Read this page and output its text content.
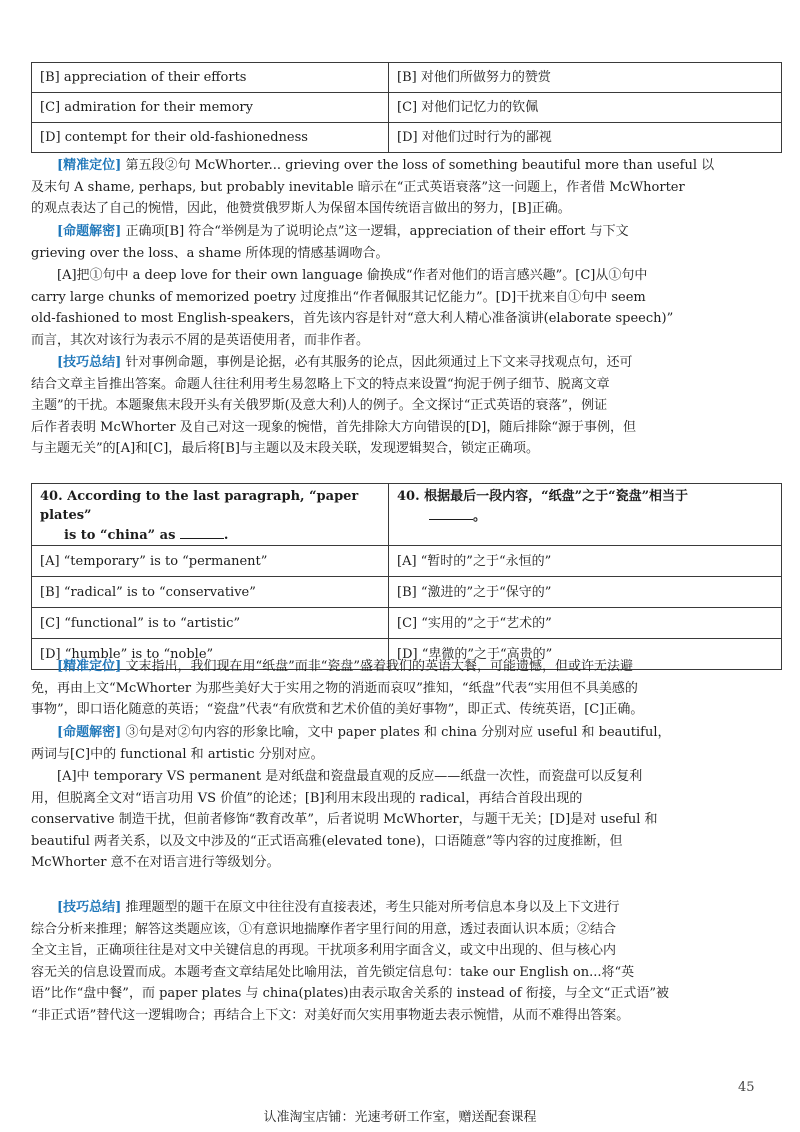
[B] appreciation of their efforts	[B] 对他们所做努力的赞赏
[C] admiration for their memory	[C] 对他们记忆力的钦佩
[D] contempt for their old-fashionedness	[D] 对他们过时行为的鄙视
[精准定位] 第五段②句 McWhorter... grieving over the loss of something beautiful more than useful 以
及末句 A shame, perhaps, but probably inevitable 暗示在“正式英语衰落”这一问题上，作者借 McWhorter
的观点表达了自己的惋惜，因此，他赞赏俄罗斯人为保留本国传统语言做出的努力，[B]正确。
[命题解密] 正确项[B] 符合“举例是为了说明论点”这一逻辑，appreciation of their effort 与下文
grieving over the loss、a shame 所体现的情感基调吻合。
[A]把①句中 a deep love for their own language 偷换成“作者对他们的语言感兴趣”。[C]从①句中
carry large chunks of memorized poetry 过度推出“作者佩服其记忆能力”。[D]干扰来自①句中 seem
old-fashioned to most English-speakers，首先该内容是针对“意大利人精心准备演讲(elaborate speech)”
而言，其次对该行为表示不屑的是英语使用者，而非作者。
[技巧总结] 针对事例命题，事例是论据，必有其服务的论点，因此须通过上下文来寻找观点句，还可
结合文章主旨推出答案。命题人往往利用考生易忽略上下文的特点来设置“拘泥于例子细节、脱离文章
主题”的干扰。本题聚焦末段开头有关俄罗斯(及意大利)人的例子。全文探讨“正式英语的衰落”，例证
后作者表明 McWhorter 及自己对这一现象的惋惜，首先排除大方向错误的[D]，随后排除“源于事例，但
与主题无关”的[A]和[C]，最后将[B]与主题以及末段关联，发现逻辑契合，锁定正确项。
40. According to the last paragraph, “paper plates”
is to “china” as .	40. 根据最后一段内容，“纸盘”之于“瓷盘”相当于
。
[A] “temporary” is to “permanent”	[A] “暂时的”之于“永恒的”
[B] “radical” is to “conservative”	[B] “激进的”之于“保守的”
[C] “functional” is to “artistic”	[C] “实用的”之于“艺术的”
[D] “humble” is to “noble”	[D] “卑微的”之于“高贵的”
[精准定位] 文末指出，我们现在用“纸盘”而非“瓷盘”盛着我们的英语大餐，可能遗憾，但或许无法避
免，再由上文“McWhorter 为那些美好大于实用之物的消逝而哀叹”推知，“纸盘”代表“实用但不具美感的
事物”，即口语化随意的英语；“瓷盘”代表“有欣赏和艺术价值的美好事物”，即正式、传统英语，[C]正确。
[命题解密] ③句是对②句内容的形象比喻，文中 paper plates 和 china 分别对应 useful 和 beautiful，
两词与[C]中的 functional 和 artistic 分别对应。
[A]中 temporary VS permanent 是对纸盘和瓷盘最直观的反应——纸盘一次性，而瓷盘可以反复利
用，但脱离全文对“语言功用 VS 价值”的论述；[B]利用末段出现的 radical，再结合首段出现的
conservative 制造干扰，但前者修饰“教育改革”，后者说明 McWhorter，与题干无关；[D]是对 useful 和
beautiful 两者关系，以及文中涉及的“正式语高雅(elevated tone)，口语随意”等内容的过度推断，但
McWhorter 意不在对语言进行等级划分。
[技巧总结] 推理题型的题干在原文中往往没有直接表述，考生只能对所考信息本身以及上下文进行
综合分析来推理；解答这类题应该，①有意识地揣摩作者字里行间的用意，透过表面认识本质；②结合
全文主旨，正确项往往是对文中关键信息的再现。干扰项多利用字面含义，或文中出现的、但与核心内
容无关的信息设置而成。本题考查文章结尾处比喻用法，首先锁定信息句：take our English on...将“英
语”比作“盘中餐”，而 paper plates 与 china(plates)由表示取舍关系的 instead of 衔接，与全文“正式语”被
“非正式语”替代这一逻辑吻合；再结合上下文：对美好而欠实用事物逝去表示惋惜，从而不难得出答案。
45
认准淘宝店铺：光速考研工作室，赠送配套课程
